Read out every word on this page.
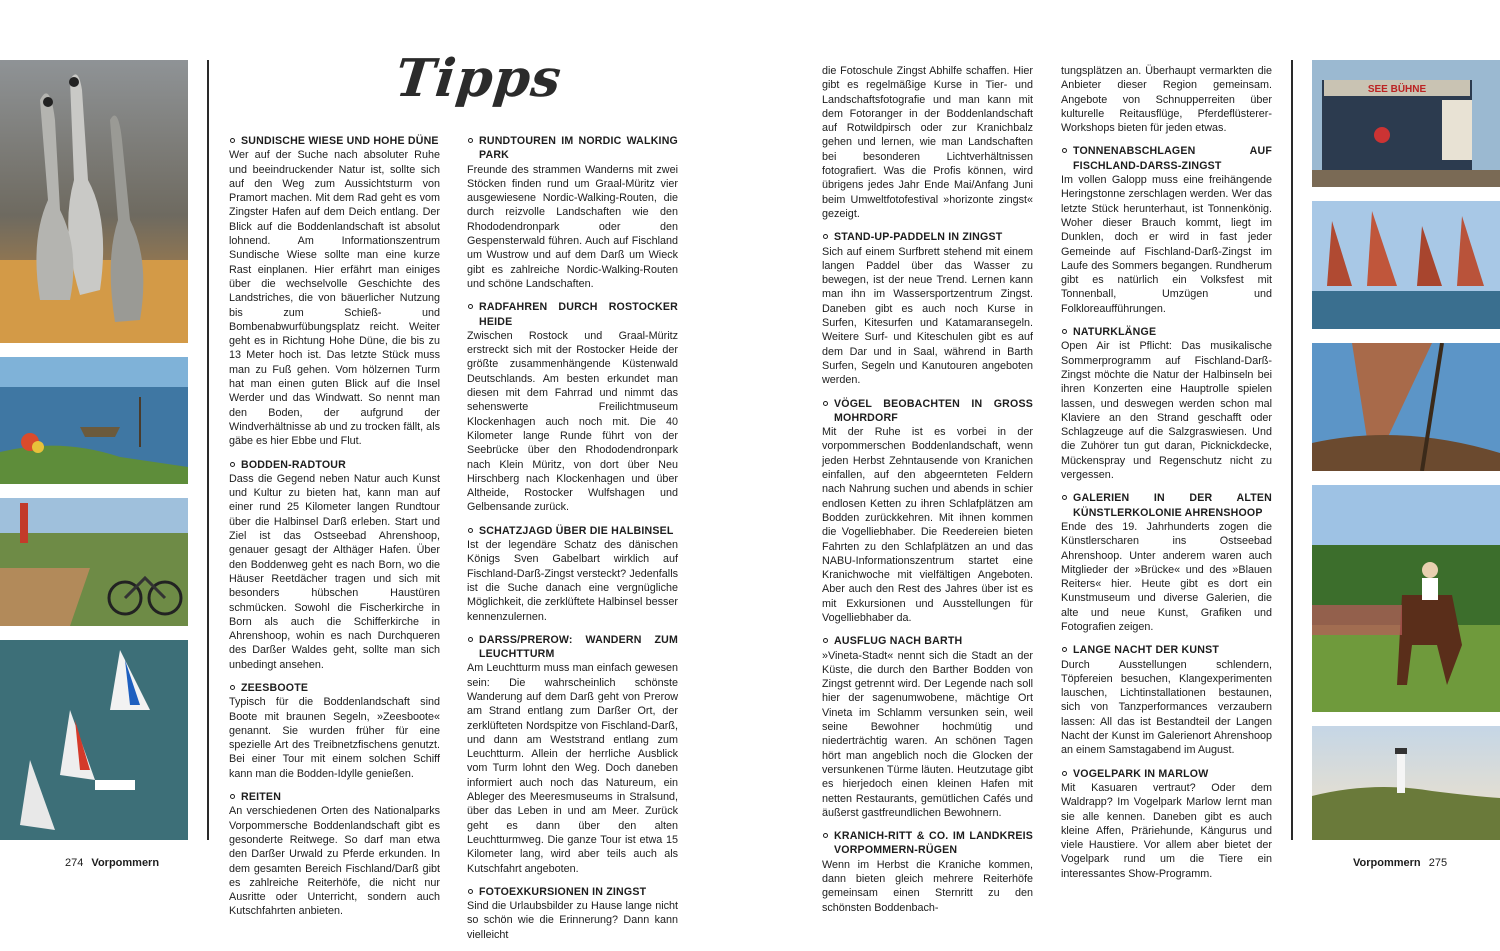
Tipps
SUNDISCHE WIESE UND HOHE DÜNE

Wer auf der Suche nach absoluter Ruhe und beeindruckender Natur ist, sollte sich auf den Weg zum Aussichtsturm von Pramort machen. Mit dem Rad geht es vom Zingster Hafen auf dem Deich entlang. Der Blick auf die Boddenlandschaft ist absolut lohnend. Am Informationszentrum Sundische Wiese sollte man eine kurze Rast einplanen. Hier erfährt man einiges über die wechselvolle Geschichte des Landstriches, die von bäuerlicher Nutzung bis zum Schieß- und Bombenabwurfübungsplatz reicht. Weiter geht es in Richtung Hohe Düne, die bis zu 13 Meter hoch ist. Das letzte Stück muss man zu Fuß gehen. Vom hölzernen Turm hat man einen guten Blick auf die Insel Werder und das Windwatt. So nennt man den Boden, der aufgrund der Windverhältnisse ab und zu trocken fällt, als gäbe es hier Ebbe und Flut.

BODDEN-RADTOUR

Dass die Gegend neben Natur auch Kunst und Kultur zu bieten hat, kann man auf einer rund 25 Kilometer langen Rundtour über die Halbinsel Darß erleben. Start und Ziel ist das Ostseebad Ahrenshoop, genauer gesagt der Althäger Hafen. Über den Boddenweg geht es nach Born, wo die Häuser Reetdächer tragen und sich mit besonders hübschen Haustüren schmücken. Sowohl die Fischerkirche in Born als auch die Schifferkirche in Ahrenshoop, wohin es nach Durchqueren des Darßer Waldes geht, sollte man sich unbedingt ansehen.

ZEESBOOTE

Typisch für die Boddenlandschaft sind Boote mit braunen Segeln, »Zeesboote« genannt. Sie wurden früher für eine spezielle Art des Treibnetzfischens genutzt. Bei einer Tour mit einem solchen Schiff kann man die Bodden-Idylle genießen.

REITEN

An verschiedenen Orten des Nationalparks Vorpommersche Boddenlandschaft gibt es gesonderte Reitwege. So darf man etwa den Darßer Urwald zu Pferde erkunden. In dem gesamten Bereich Fischland/Darß gibt es zahlreiche Reiterhöfe, die nicht nur Ausritte oder Unterricht, sondern auch Kutschfahrten anbieten.

RUNDTOUREN IM NORDIC WALKING PARK

Freunde des strammen Wanderns mit zwei Stöcken finden rund um Graal-Müritz vier ausgewiesene Nordic-Walking-Routen, die durch reizvolle Landschaften wie den Rhododendronpark oder den Gespensterwald führen. Auch auf Fischland um Wustrow und auf dem Darß um Wieck gibt es zahlreiche Nordic-Walking-Routen und schöne Landschaften.

RADFAHREN DURCH ROSTOCKER HEIDE

Zwischen Rostock und Graal-Müritz erstreckt sich mit der Rostocker Heide der größte zusammenhängende Küstenwald Deutschlands. Am besten erkundet man diesen mit dem Fahrrad und nimmt das sehenswerte Freilichtmuseum Klockenhagen auch noch mit. Die 40 Kilometer lange Runde führt von der Seebrücke über den Rhododendronpark nach Klein Müritz, von dort über Neu Hirschberg nach Klockenhagen und über Altheide, Rostocker Wulfshagen und Gelbensande zurück.

SCHATZJAGD ÜBER DIE HALBINSEL

Ist der legendäre Schatz des dänischen Königs Sven Gabelbart wirklich auf Fischland-Darß-Zingst versteckt? Jedenfalls ist die Suche danach eine vergnügliche Möglichkeit, die zerklüftete Halbinsel besser kennenzulernen.

DARSS/PREROW: WANDERN ZUM LEUCHTTURM

Am Leuchtturm muss man einfach gewesen sein: Die wahrscheinlich schönste Wanderung auf dem Darß geht von Prerow am Strand entlang zum Darßer Ort, der zerklüfteten Nordspitze von Fischland-Darß, und dann am Weststrand entlang zum Leuchtturm. Allein der herrliche Ausblick vom Turm lohnt den Weg. Doch daneben informiert auch noch das Natureum, ein Ableger des Meeresmuseums in Stralsund, über das Leben in und am Meer. Zurück geht es dann über den alten Leuchtturmweg. Die ganze Tour ist etwa 15 Kilometer lang, wird aber teils auch als Kutschfahrt angeboten.

FOTOEXKURSIONEN IN ZINGST

Sind die Urlaubsbilder zu Hause lange nicht so schön wie die Erinnerung? Dann kann vielleicht

die Fotoschule Zingst Abhilfe schaffen. Hier gibt es regelmäßige Kurse in Tier- und Landschaftsfotografie und man kann mit dem Fotoranger in der Boddenlandschaft auf Rotwildpirsch oder zur Kranichbalz gehen und lernen, wie man Landschaften bei besonderen Lichtverhältnissen fotografiert. Was die Profis können, wird übrigens jedes Jahr Ende Mai/Anfang Juni beim Umweltfotofestival »horizonte zingst« gezeigt.

STAND-UP-PADDELN IN ZINGST

Sich auf einem Surfbrett stehend mit einem langen Paddel über das Wasser zu bewegen, ist der neue Trend. Lernen kann man ihn im Wassersportzentrum Zingst. Daneben gibt es auch noch Kurse in Surfen, Kitesurfen und Katamaransegeln. Weitere Surf- und Kiteschulen gibt es auf dem Dar und in Saal, während in Barth Surfen, Segeln und Kanutouren angeboten werden.

VÖGEL BEOBACHTEN IN GROSS MOHRDORF

Mit der Ruhe ist es vorbei in der vorpommerschen Boddenlandschaft, wenn jeden Herbst Zehntausende von Kranichen einfallen, auf den abgeernteten Feldern nach Nahrung suchen und abends in schier endlosen Ketten zu ihren Schlafplätzen am Bodden zurückkehren. Mit ihnen kommen die Vogelliebhaber. Die Reedereien bieten Fahrten zu den Schlafplätzen an und das NABU-Informationszentrum startet eine Kranichwoche mit vielfältigen Angeboten. Aber auch den Rest des Jahres über ist es mit Exkursionen und Ausstellungen für Vogelliebhaber da.

AUSFLUG NACH BARTH

»Vineta-Stadt« nennt sich die Stadt an der Küste, die durch den Barther Bodden von Zingst getrennt wird. Der Legende nach soll hier der sagenumwobene, mächtige Ort Vineta im Schlamm versunken sein, weil seine Bewohner hochmütig und niederträchtig waren. An schönen Tagen hört man angeblich noch die Glocken der versunkenen Türme läuten. Heutzutage gibt es hierjedoch einen kleinen Hafen mit netten Restaurants, gemütlichen Cafés und äußerst gastfreundlichen Bewohnern.

KRANICH-RITT & CO. IM LANDKREIS VORPOMMERN-RÜGEN

Wenn im Herbst die Kraniche kommen, dann bieten gleich mehrere Reiterhöfe gemeinsam einen Sternritt zu den schönsten Boddenbach-

tungsplätzen an. Überhaupt vermarkten die Anbieter dieser Region gemeinsam. Angebote von Schnupperreiten über kulturelle Reitausflüge, Pferdeflüsterer-Workshops bieten für jeden etwas.

TONNENABSCHLAGEN AUF FISCHLAND-DARSS-ZINGST

Im vollen Galopp muss eine freihängende Heringstonne zerschlagen werden. Wer das letzte Stück herunterhaut, ist Tonnenkönig. Woher dieser Brauch kommt, liegt im Dunklen, doch er wird in fast jeder Gemeinde auf Fischland-Darß-Zingst im Laufe des Sommers begangen. Rundherum gibt es natürlich ein Volksfest mit Tonnenball, Umzügen und Folkloreaufführungen.

NATURKLÄNGE

Open Air ist Pflicht: Das musikalische Sommerprogramm auf Fischland-Darß-Zingst möchte die Natur der Halbinseln bei ihren Konzerten eine Hauptrolle spielen lassen, und deswegen werden schon mal Klaviere an den Strand geschafft oder Schlagzeuge auf die Salzgraswiesen. Und die Zuhörer tun gut daran, Picknickdecke, Mückenspray und Regenschutz nicht zu vergessen.

GALERIEN IN DER ALTEN KÜNSTLERKOLONIE AHRENSHOOP

Ende des 19. Jahrhunderts zogen die Künstlerscharen ins Ostseebad Ahrenshoop. Unter anderem waren auch Mitglieder der »Brücke« und des »Blauen Reiters« hier. Heute gibt es dort ein Kunstmuseum und diverse Galerien, die alte und neue Kunst, Grafiken und Fotografien zeigen.

LANGE NACHT DER KUNST

Durch Ausstellungen schlendern, Töpfereien besuchen, Klangexperimenten lauschen, Lichtinstallationen bestaunen, sich von Tanzperformances verzaubern lassen: All das ist Bestandteil der Langen Nacht der Kunst im Galerienort Ahrenshoop an einem Samstagabend im August.

VOGELPARK IN MARLOW

Mit Kasuaren vertraut? Oder dem Waldrapp? Im Vogelpark Marlow lernt man sie alle kennen. Daneben gibt es auch kleine Affen, Präriehunde, Kängurus und viele Haustiere. Vor allem aber bietet der Vogelpark rund um die Tiere ein interessantes Show-Programm.

SEE BÜHNE
274 Vorpommern	Vorpommern 275
